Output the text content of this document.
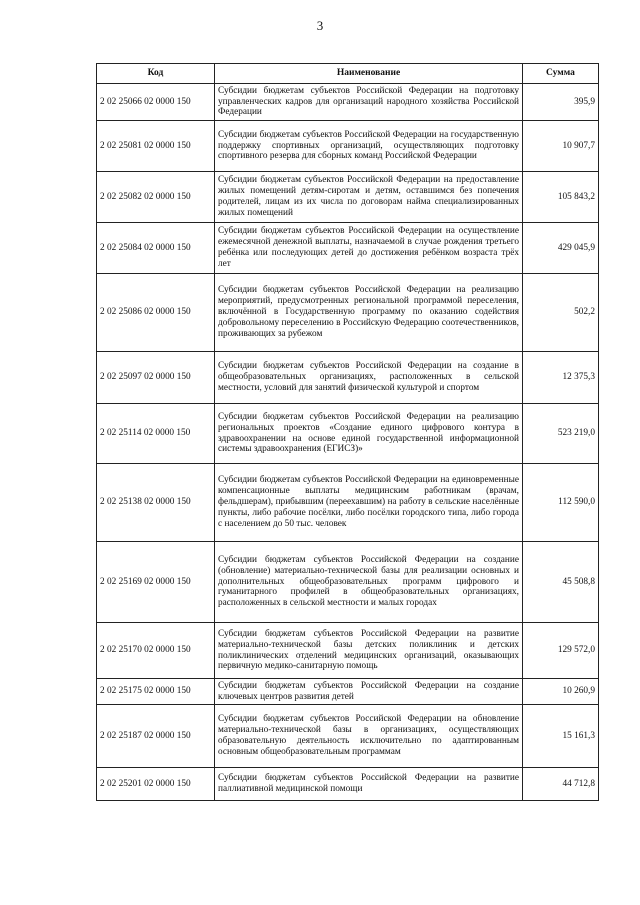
3
Код	Наименование	Сумма
2 02 25066 02 0000 150	Субсидии бюджетам субъектов Российской Федерации на подготовку управленческих кадров для организаций народного хозяйства Российской Федерации	395,9
2 02 25081 02 0000 150	Субсидии бюджетам субъектов Российской Федерации на государственную поддержку спортивных организаций, осуществляющих подготовку спортивного резерва для сборных команд Российской Федерации	10 907,7
2 02 25082 02 0000 150	Субсидии бюджетам субъектов Российской Федерации на предоставление жилых помещений детям-сиротам и детям, оставшимся без попечения родителей, лицам из их числа по договорам найма специализированных жилых помещений	105 843,2
2 02 25084 02 0000 150	Субсидии бюджетам субъектов Российской Федерации на осуществление ежемесячной денежной выплаты, назначаемой в случае рождения третьего ребёнка или последующих детей до достижения ребёнком возраста трёх лет	429 045,9
2 02 25086 02 0000 150	Субсидии бюджетам субъектов Российской Федерации на реализацию мероприятий, предусмотренных региональной программой переселения, включённой в Государственную программу по оказанию содействия добровольному переселению в Российскую Федерацию соотечественников, проживающих за рубежом	502,2
2 02 25097 02 0000 150	Субсидии бюджетам субъектов Российской Федерации на создание в общеобразовательных организациях, расположенных в сельской местности, условий для занятий физической культурой и спортом	12 375,3
2 02 25114 02 0000 150	Субсидии бюджетам субъектов Российской Федерации на реализацию региональных проектов «Создание единого цифрового контура в здравоохранении на основе единой государственной информационной системы здравоохранения (ЕГИСЗ)»	523 219,0
2 02 25138 02 0000 150	Субсидии бюджетам субъектов Российской Федерации на единовременные компенсационные выплаты медицинским работникам (врачам, фельдшерам), прибывшим (переехавшим) на работу в сельские населённые пункты, либо рабочие посёлки, либо посёлки городского типа, либо города с населением до 50 тыс. человек	112 590,0
2 02 25169 02 0000 150	Субсидии бюджетам субъектов Российской Федерации на создание (обновление) материально-технической базы для реализации основных и дополнительных общеобразовательных программ цифрового и гуманитарного профилей в общеобразовательных организациях, расположенных в сельской местности и малых городах	45 508,8
2 02 25170 02 0000 150	Субсидии бюджетам субъектов Российской Федерации на развитие материально-технической базы детских поликлиник и детских поликлинических отделений медицинских организаций, оказывающих первичную медико-санитарную помощь	129 572,0
2 02 25175 02 0000 150	Субсидии бюджетам субъектов Российской Федерации на создание ключевых центров развития детей	10 260,9
2 02 25187 02 0000 150	Субсидии бюджетам субъектов Российской Федерации на обновление материально-технической базы в организациях, осуществляющих образовательную деятельность исключительно по адаптированным основным общеобразовательным программам	15 161,3
2 02 25201 02 0000 150	Субсидии бюджетам субъектов Российской Федерации на развитие паллиативной медицинской помощи	44 712,8
